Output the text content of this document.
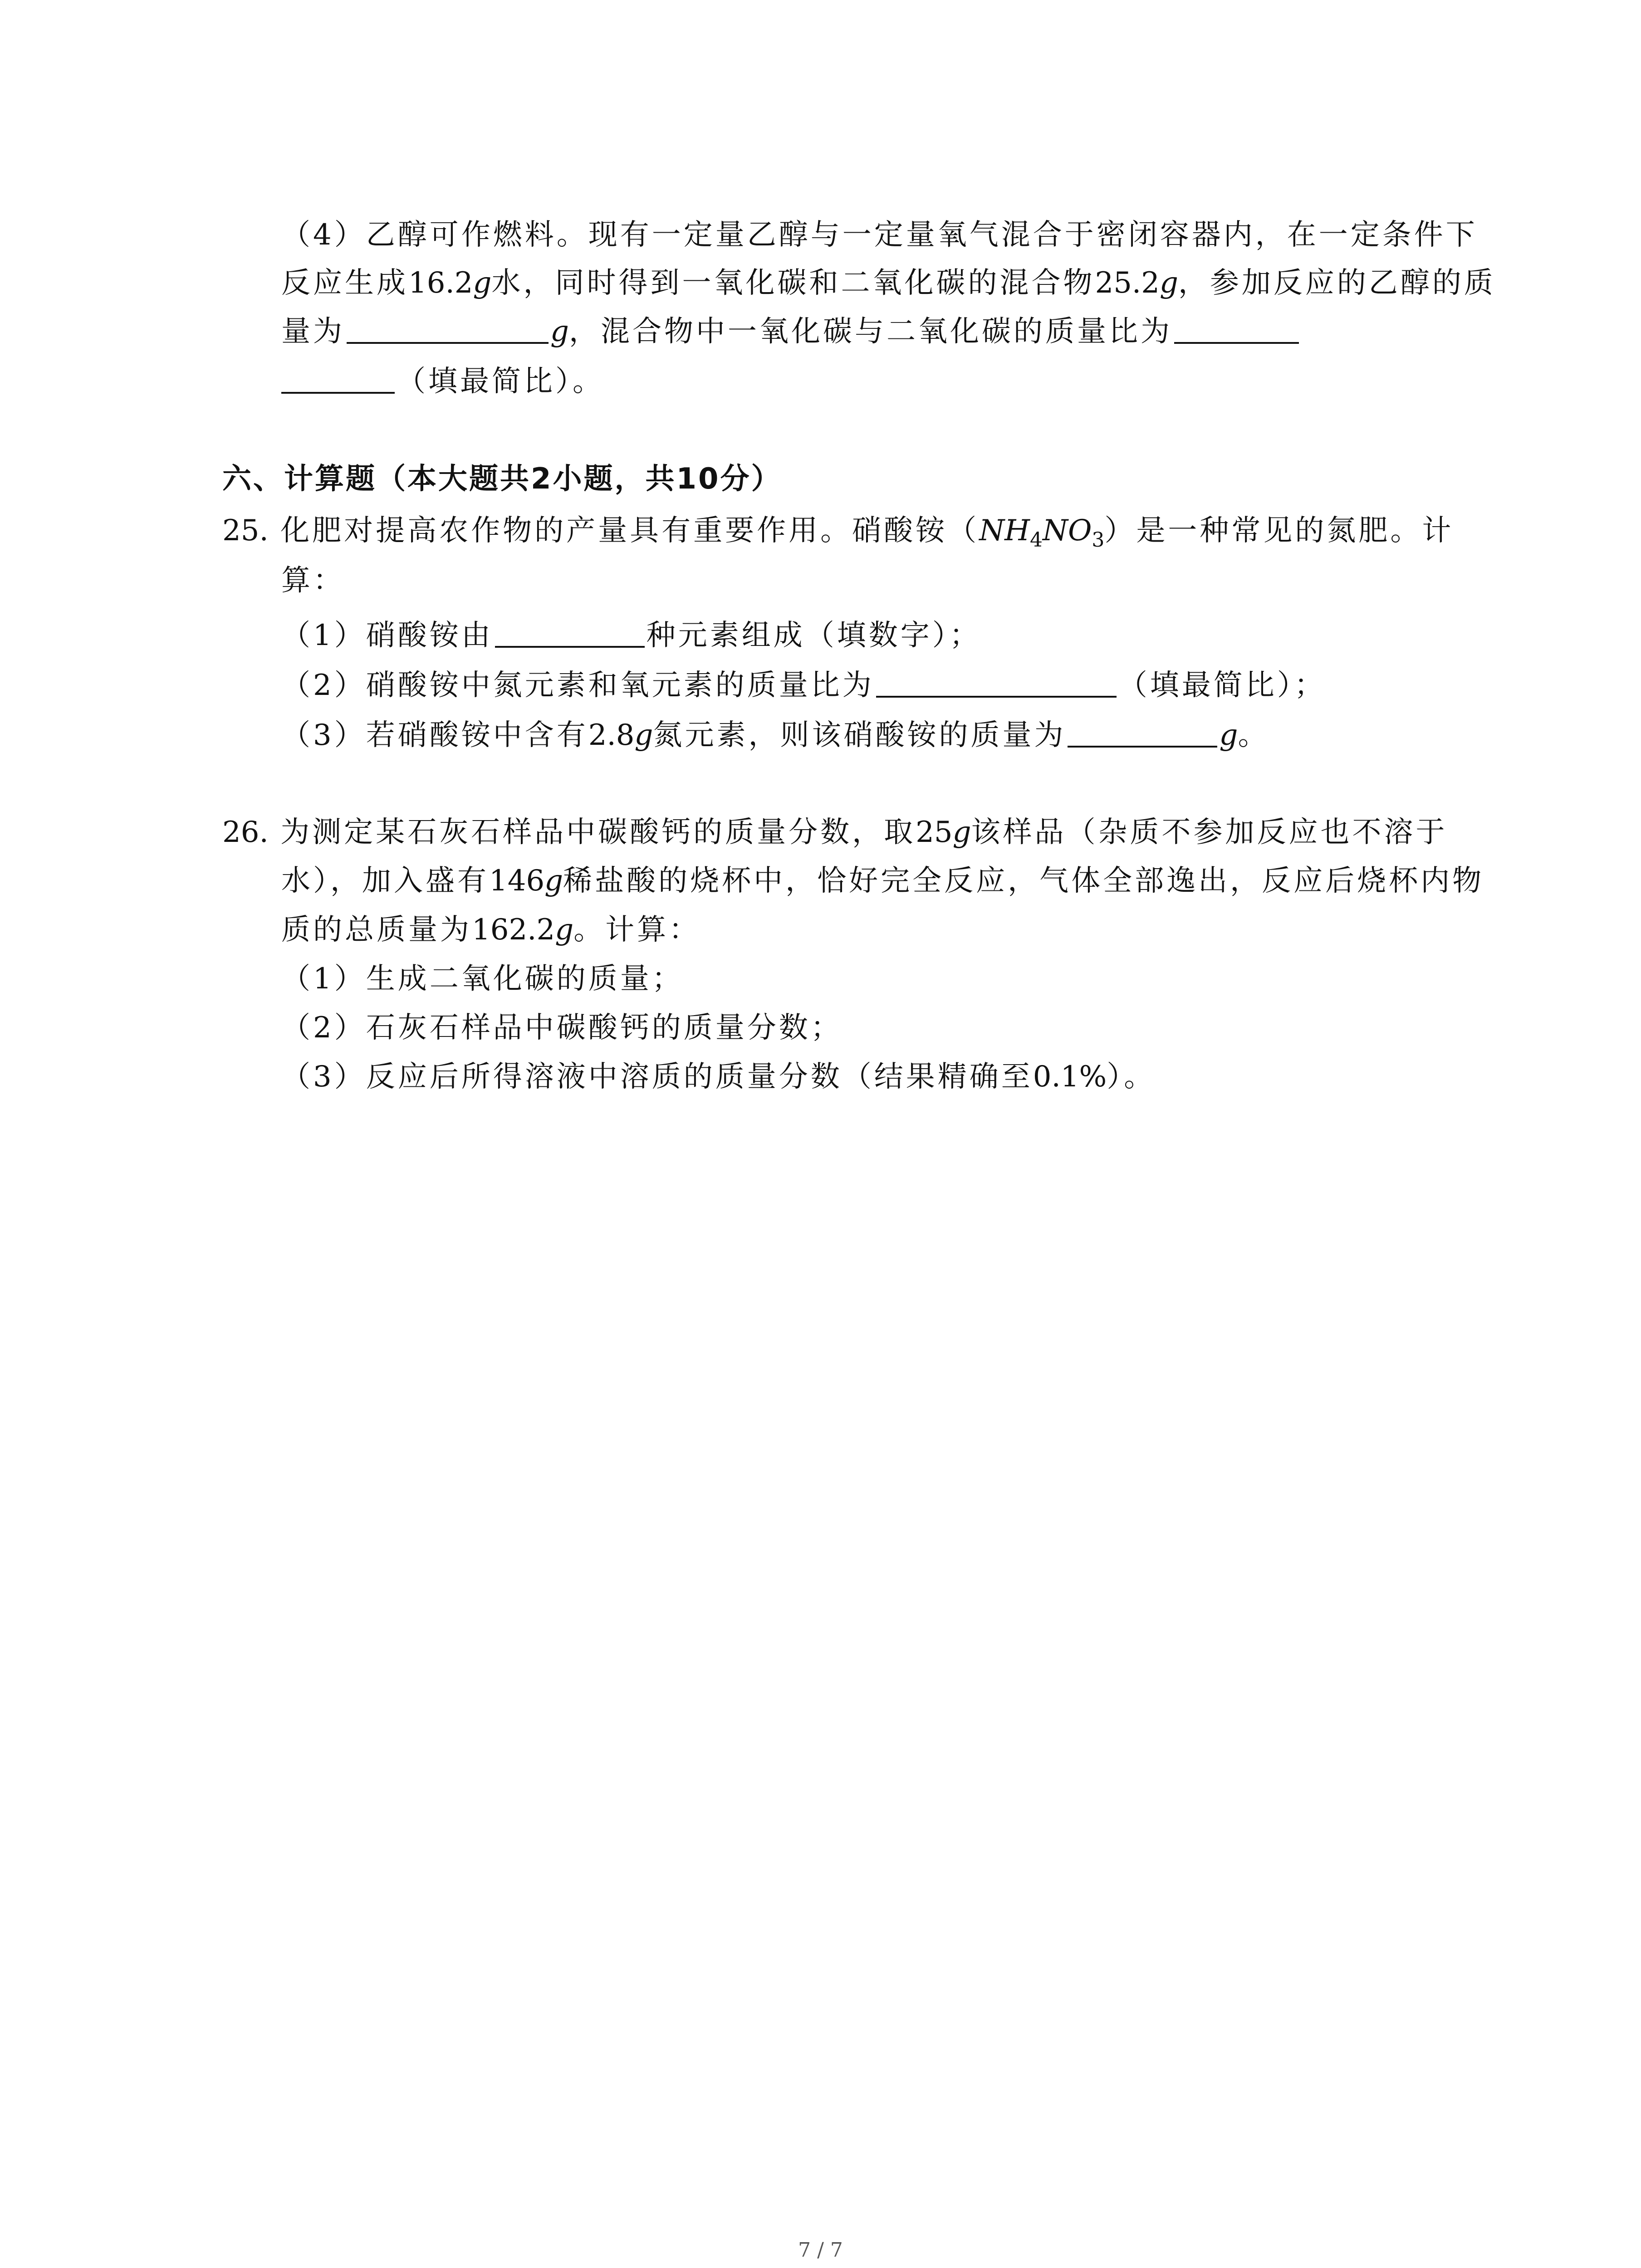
（4）乙醇可作燃料。现有一定量乙醇与一定量氧气混合于密闭容器内，在一定条件下
反应生成16.2g水，同时得到一氧化碳和二氧化碳的混合物25.2g，参加反应的乙醇的质
量为	g，混合物中一氧化碳与二氧化碳的质量比为
（填最简比）。
六、计算题（本大题共2小题，共10分）
25. 化肥对提高农作物的产量具有重要作用。硝酸铵$(NH_4NO_3)$是一种常见的氮肥。计
算：
（1）硝酸铵由	种元素组成（填数字）；
（2）硝酸铵中氮元素和氧元素的质量比为	（填最简比）；
（3）若硝酸铵中含有2.8g氮元素，则该硝酸铵的质量为	g。
26. 为测定某石灰石样品中碳酸钙的质量分数，取25g该样品（杂质不参加反应也不溶于
水），加入盛有146g稀盐酸的烧杯中，恰好完全反应，气体全部逸出，反应后烧杯内物
质的总质量为162.2g。计算：
（1）生成二氧化碳的质量；
（2）石灰石样品中碳酸钙的质量分数；
（3）反应后所得溶液中溶质的质量分数（结果精确至0.1%）。
7 / 7
